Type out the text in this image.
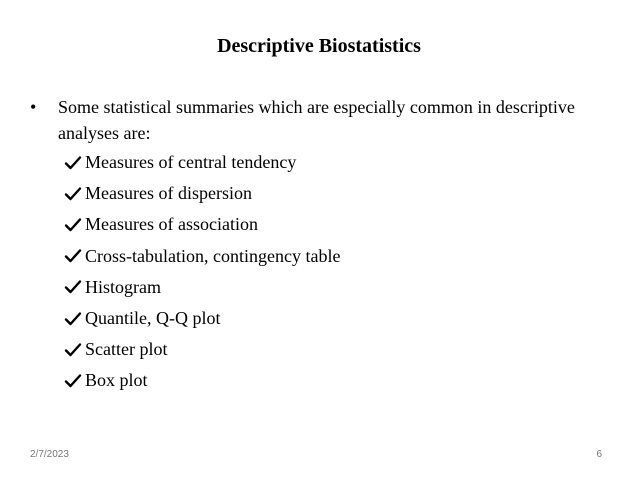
Descriptive Biostatistics
•	Some statistical summaries which are especially common in descriptive analyses are:
Measures of central tendency
Measures of dispersion
Measures of association
Cross-tabulation, contingency table
Histogram
Quantile, Q-Q plot
Scatter plot
Box plot
2/7/2023	6
